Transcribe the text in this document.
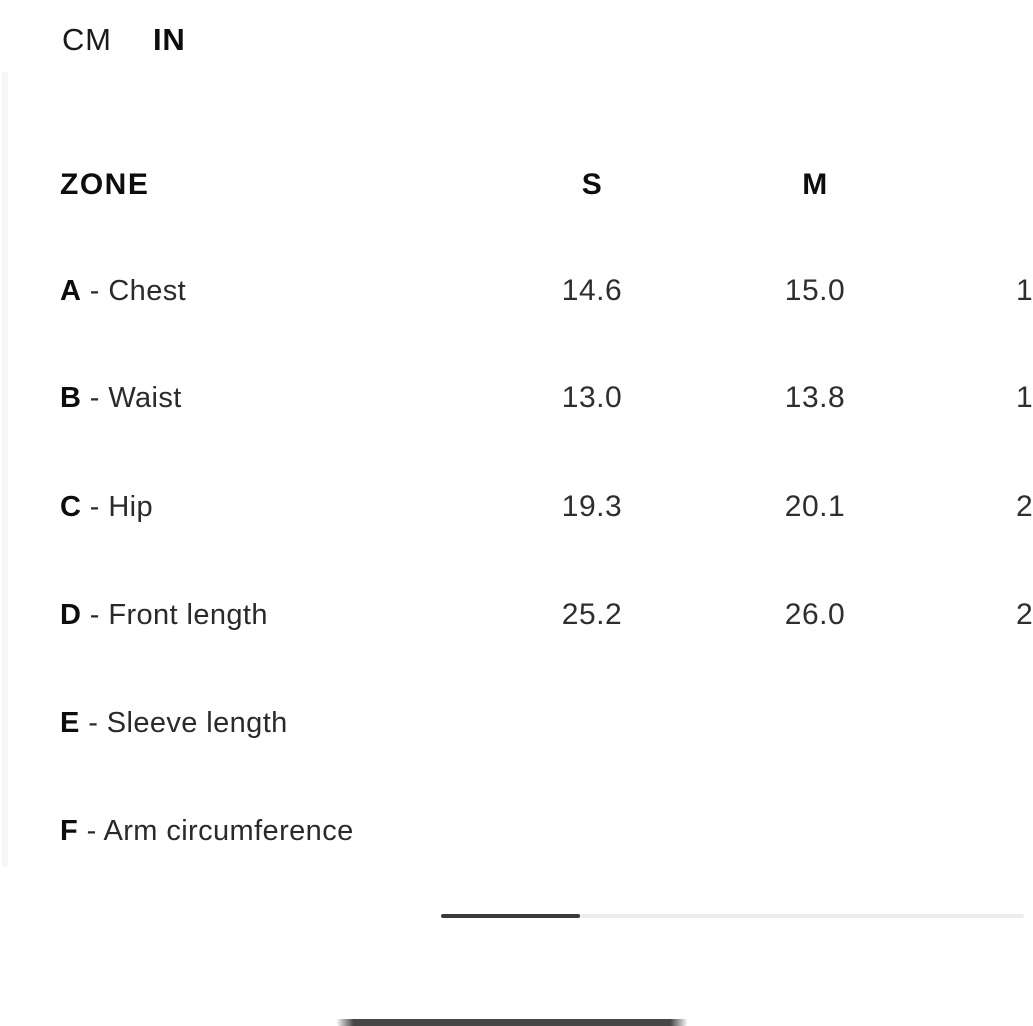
CM IN
ZONE	S	M
A - Chest	14.6	15.0	1
B - Waist	13.0	13.8	1
C - Hip	19.3	20.1	2
D - Front length	25.2	26.0	2
E - Sleeve length
F - Arm circumference
